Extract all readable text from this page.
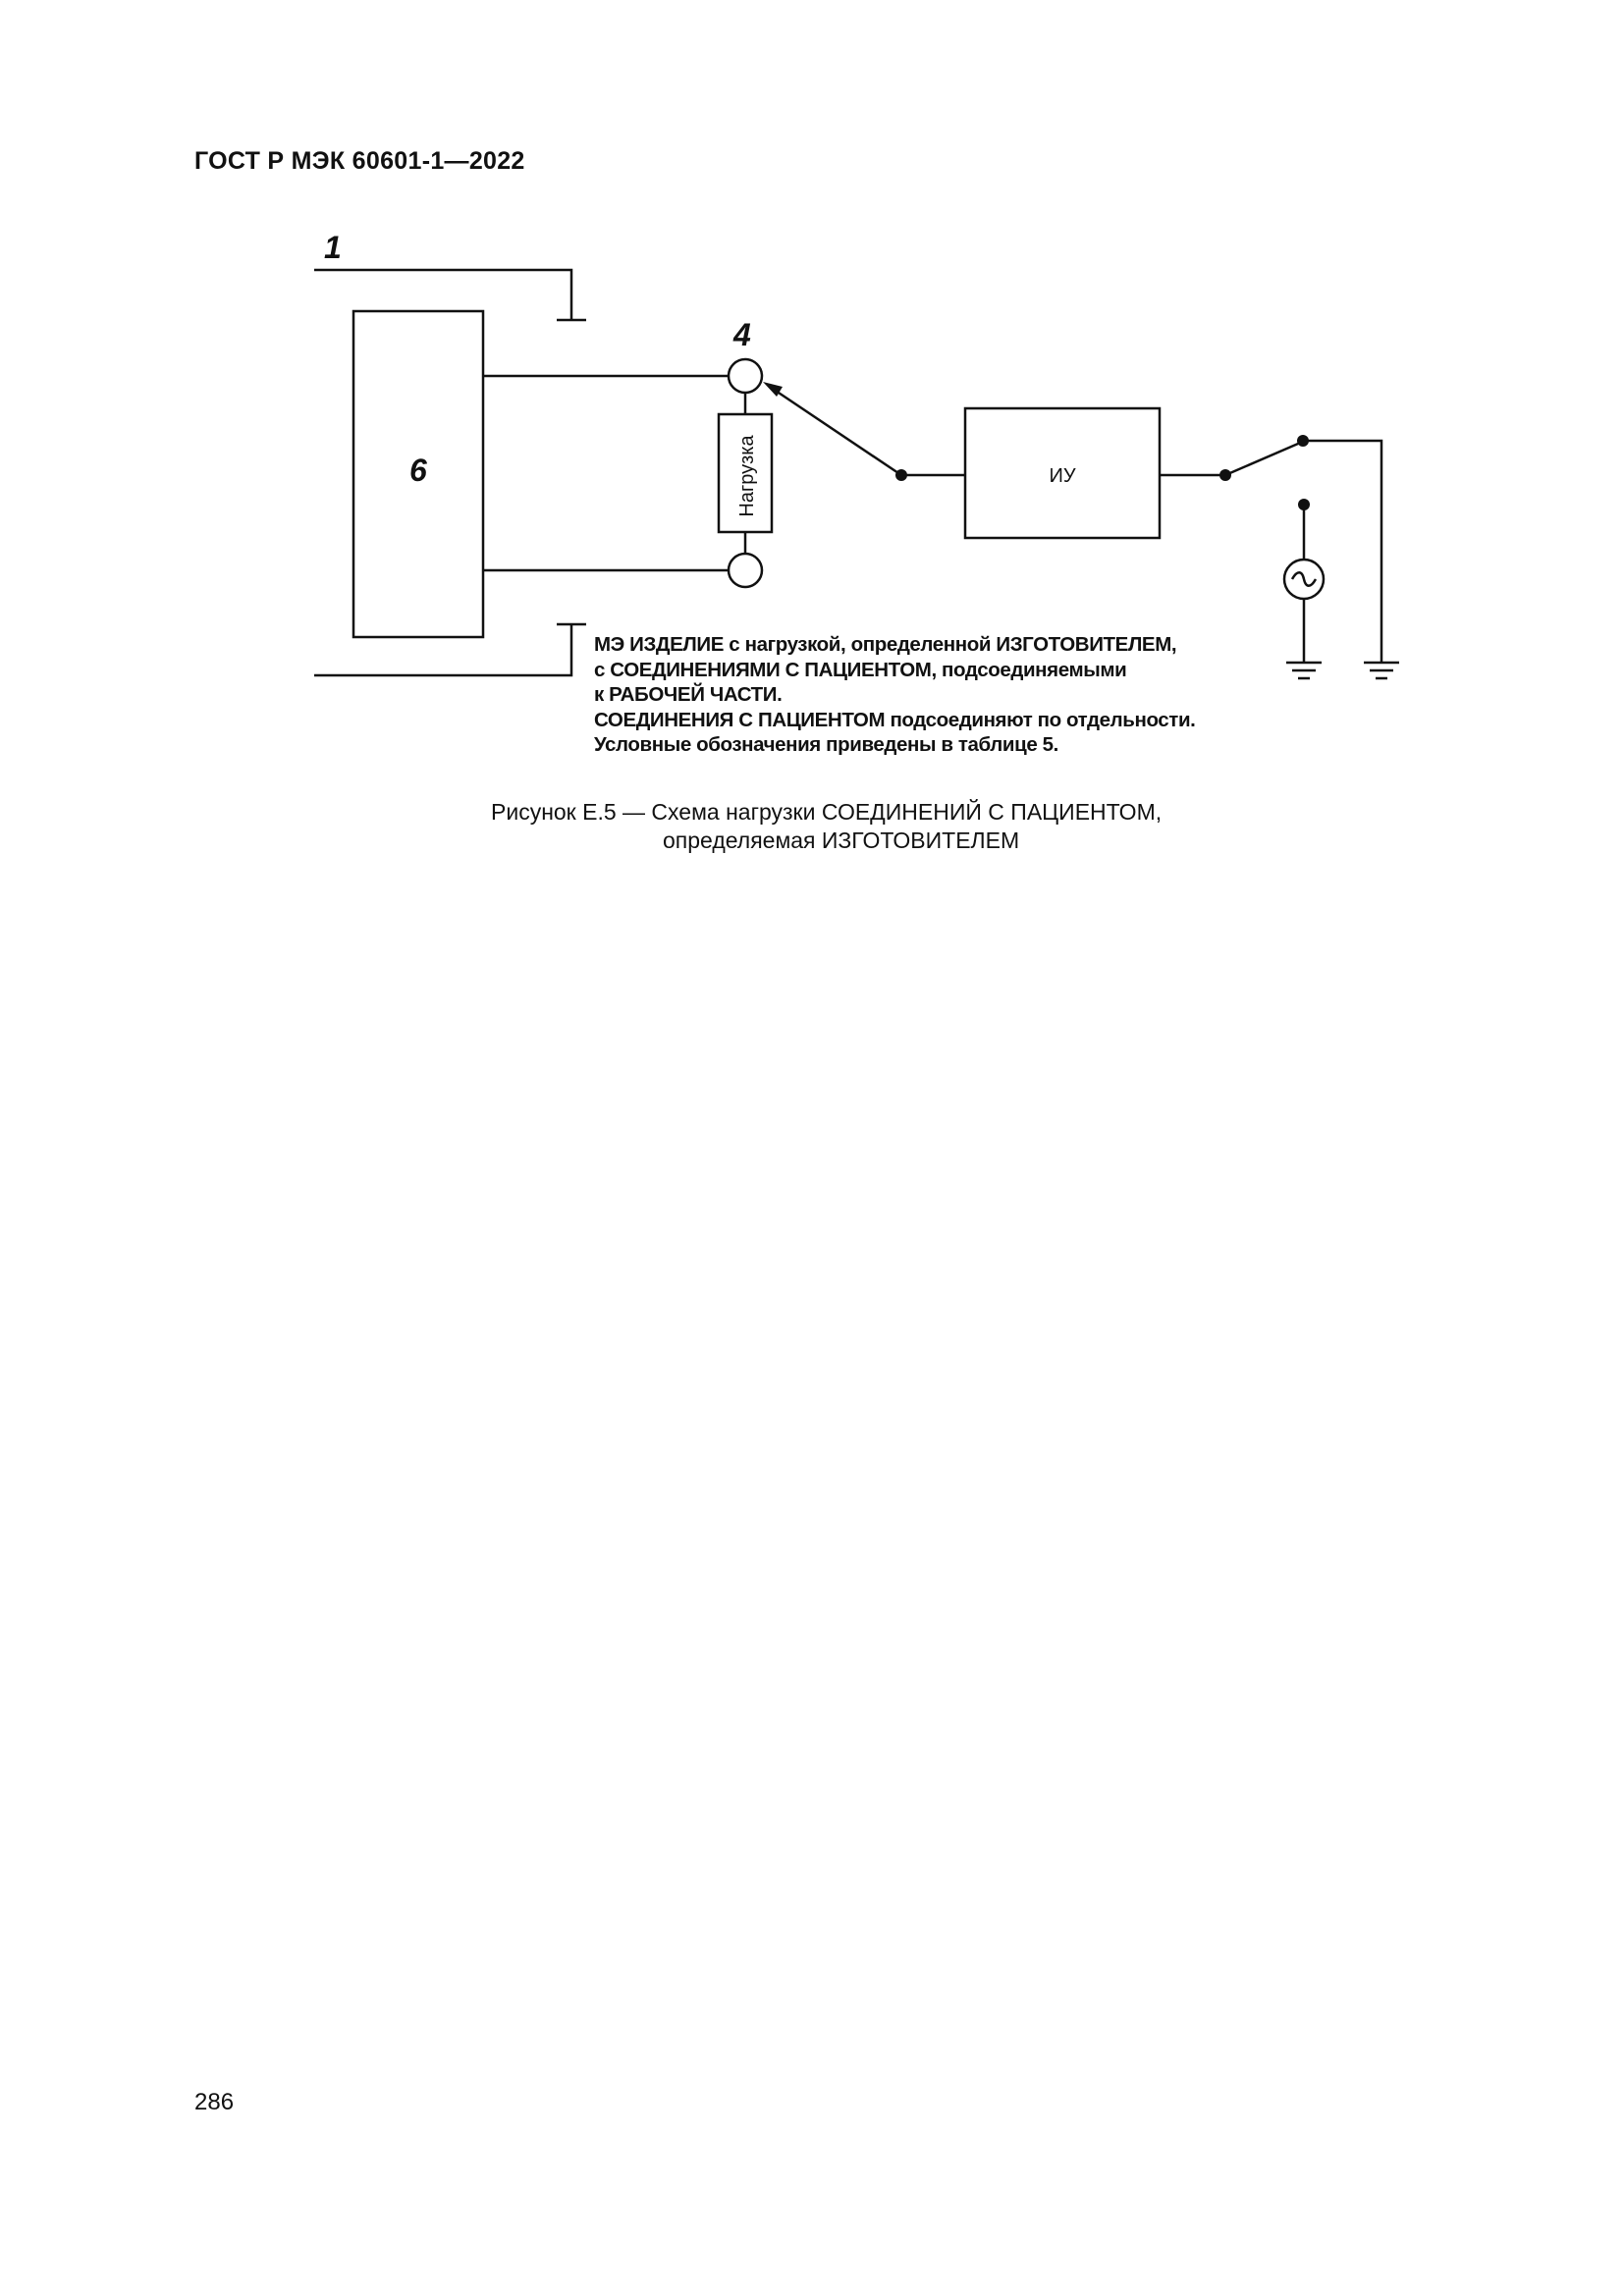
ГОСТ Р МЭК 60601-1—2022
1
4
6	Нагрузка	ИУ
МЭ ИЗДЕЛИЕ с нагрузкой, определенной ИЗГОТОВИТЕЛЕМ,
с СОЕДИНЕНИЯМИ С ПАЦИЕНТОМ, подсоединяемыми
к РАБОЧЕЙ ЧАСТИ.
СОЕДИНЕНИЯ С ПАЦИЕНТОМ подсоединяют по отдельности.
Условные обозначения приведены в таблице 5.
Рисунок Е.5 — Схема нагрузки СОЕДИНЕНИЙ С ПАЦИЕНТОМ,
определяемая ИЗГОТОВИТЕЛЕМ
286
